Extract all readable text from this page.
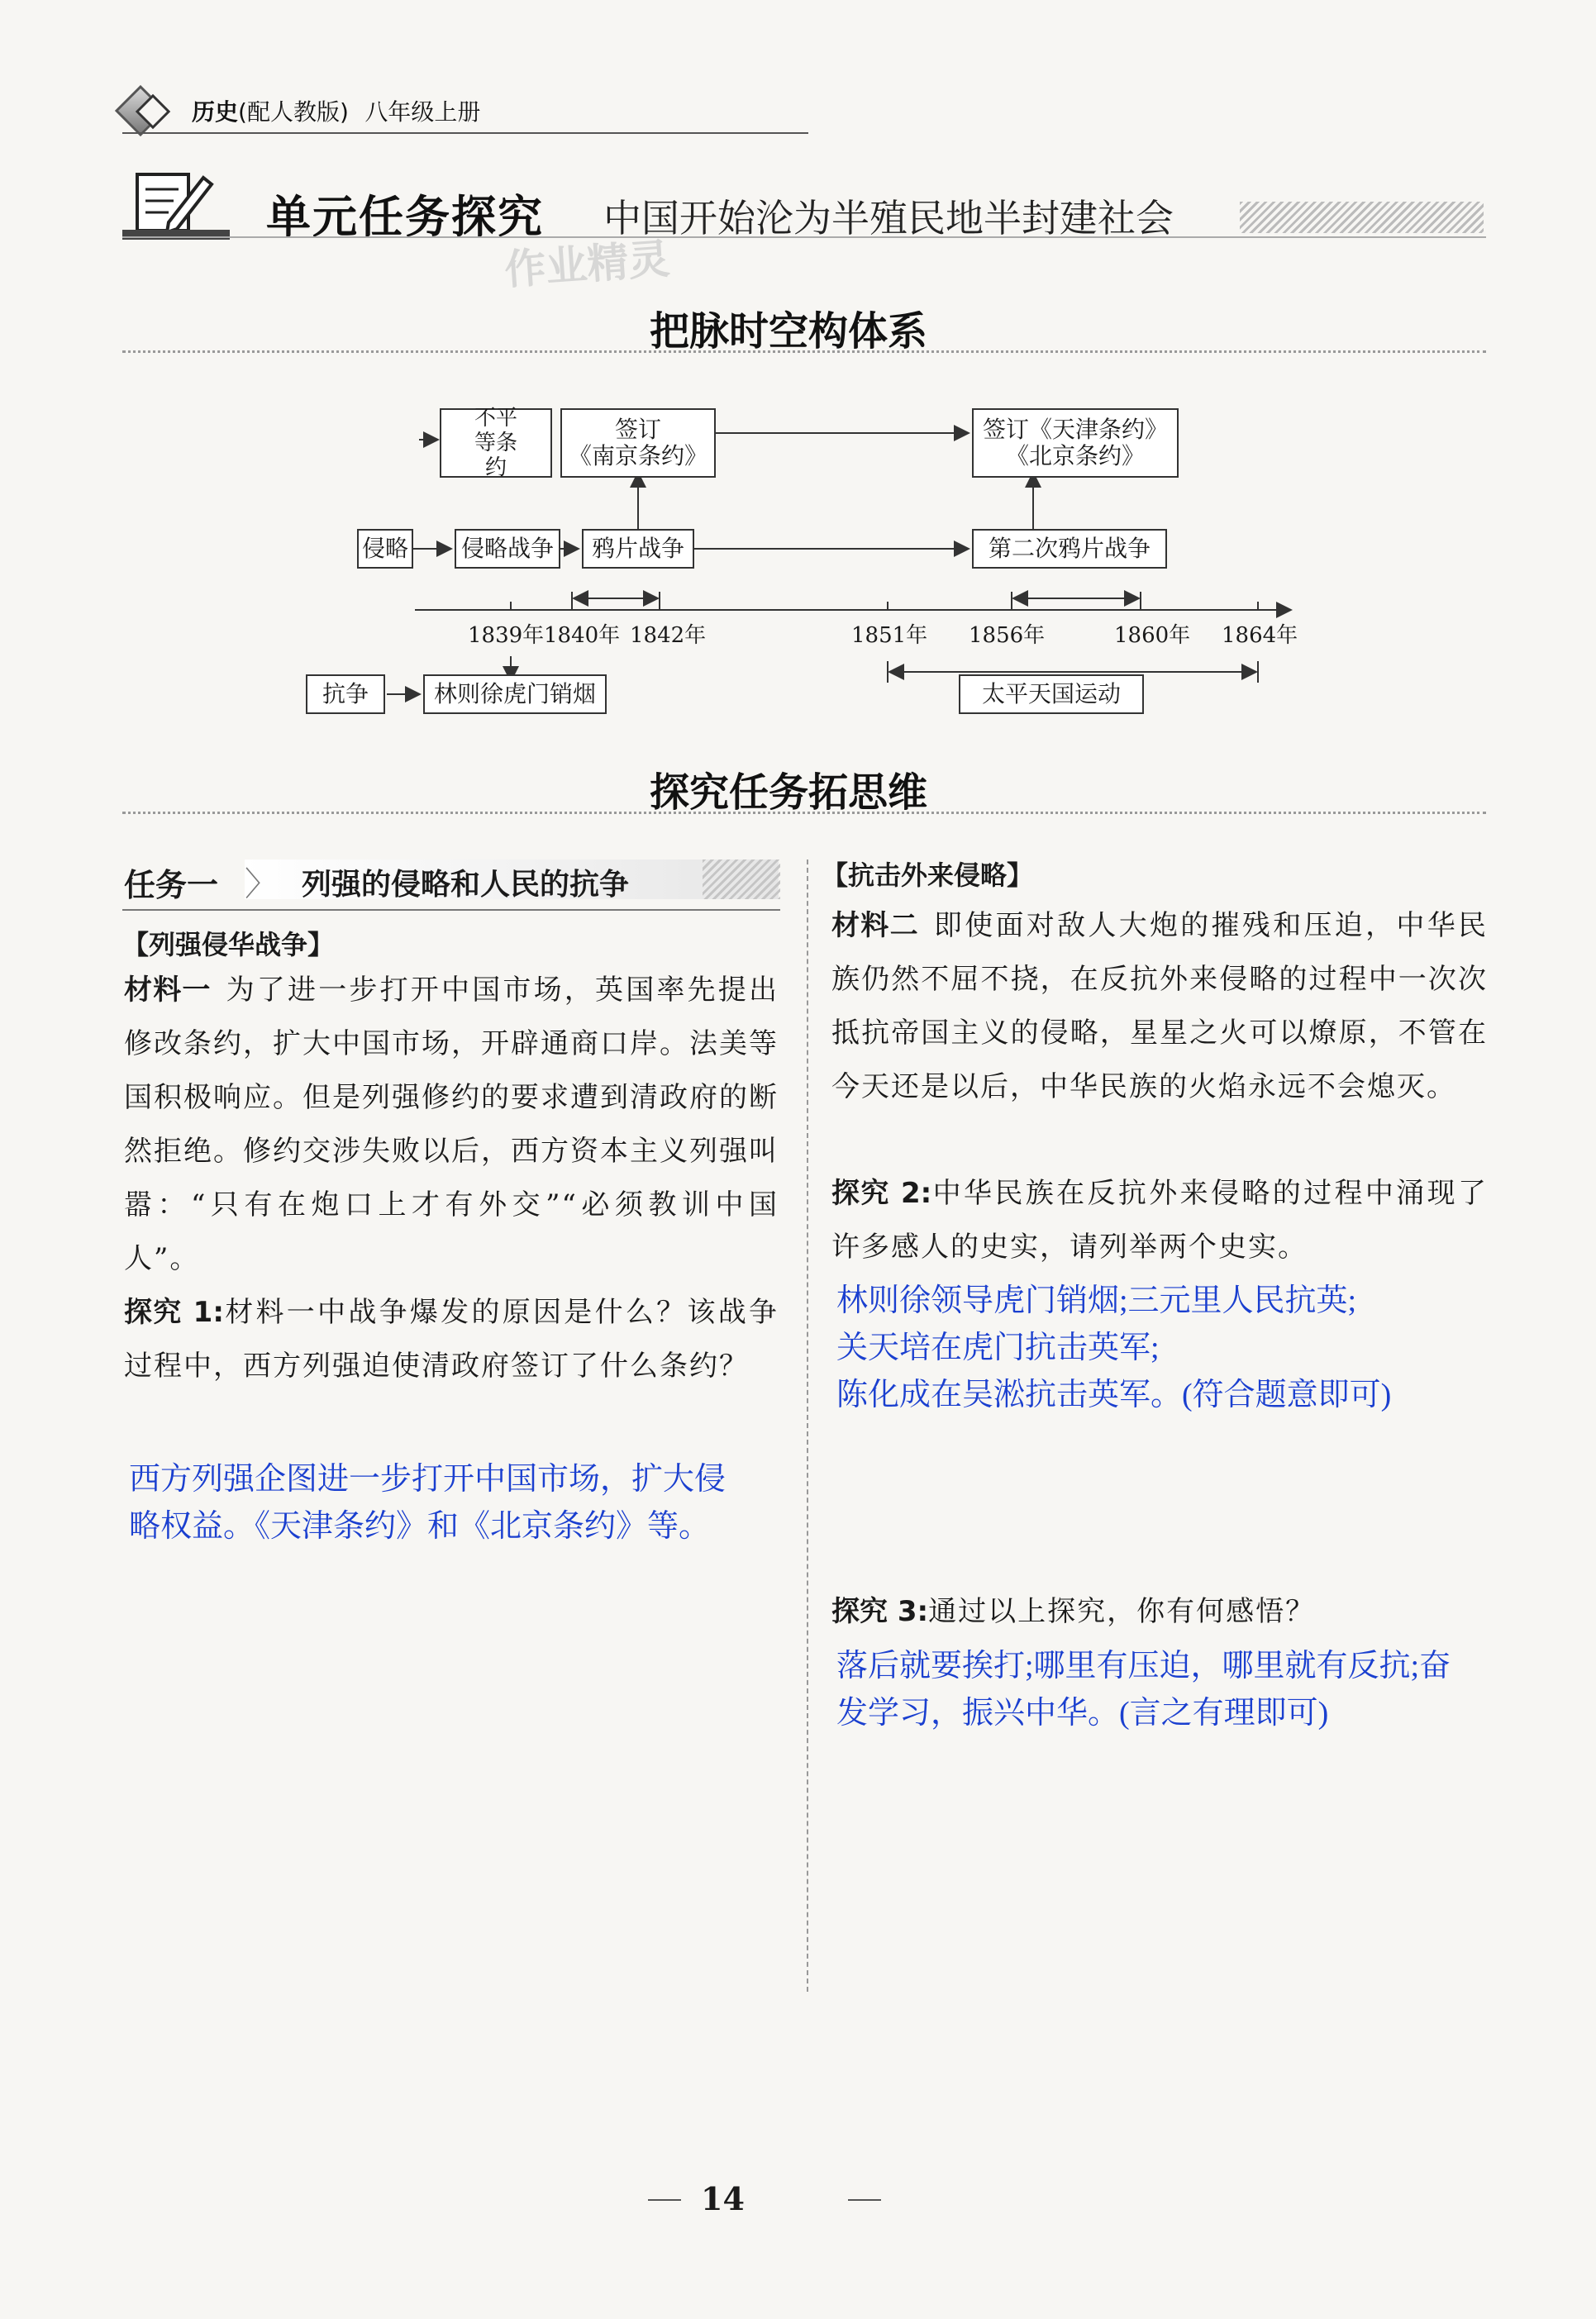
历史(配人教版) 八年级上册
单元任务探究 中国开始沦为半殖民地半封建社会
作业精灵
把脉时空构体系
不平等条约
签订
《南京条约》
签订《天津条约》
《北京条约》
侵略 侵略战争	鸦片战争	第二次鸦片战争
1839年 1840年 1842年	1851年 1856年	1860年 1864年
抗争	林则徐虎门销烟	太平天国运动
探究任务拓思维
任务一 〉 列强的侵略和人民的抗争
【列强侵华战争】
材料一 为了进一步打开中国市场，英国率先提出修改条约，扩大中国市场，开辟通商口岸。法美等国积极响应。但是列强修约的要求遭到清政府的断然拒绝。修约交涉失败以后，西方资本主义列强叫嚣：“只有在炮口上才有外交”“必须教训中国人”。
探究 1:材料一中战争爆发的原因是什么？该战争过程中，西方列强迫使清政府签订了什么条约？
西方列强企图进一步打开中国市场，扩大侵
略权益。《天津条约》和《北京条约》等。
【抗击外来侵略】
材料二 即使面对敌人大炮的摧残和压迫，中华民族仍然不屈不挠，在反抗外来侵略的过程中一次次抵抗帝国主义的侵略，星星之火可以燎原，不管在今天还是以后，中华民族的火焰永远不会熄灭。
探究 2:中华民族在反抗外来侵略的过程中涌现了许多感人的史实，请列举两个史实。
林则徐领导虎门销烟;三元里人民抗英;
关天培在虎门抗击英军;
陈化成在吴淞抗击英军。(符合题意即可)
探究 3:通过以上探究，你有何感悟？
落后就要挨打;哪里有压迫，哪里就有反抗;奋
发学习，振兴中华。(言之有理即可)
14
